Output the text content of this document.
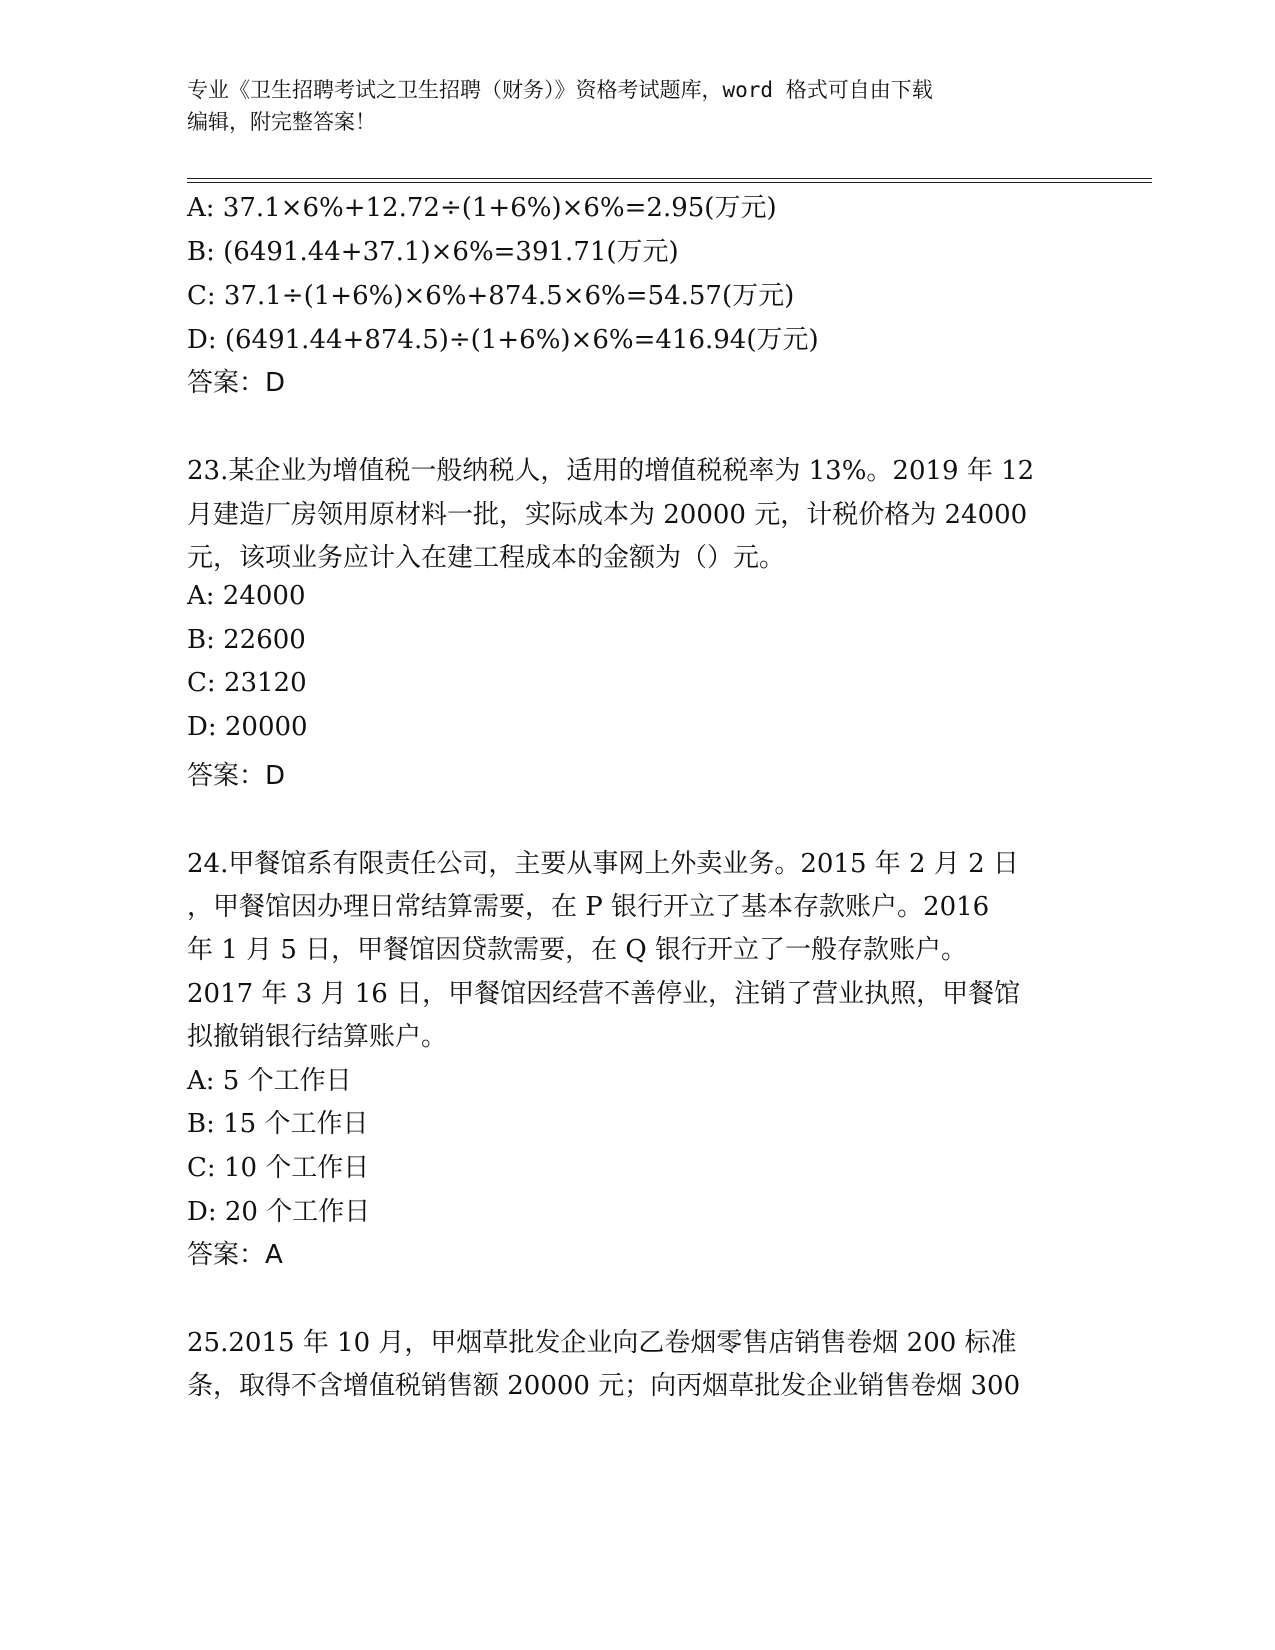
专业《卫生招聘考试之卫生招聘（财务）》资格考试题库，word 格式可自由下载
编辑，附完整答案！
A: 37.1×6%+12.72÷(1+6%)×6%=2.95(万元)
B: (6491.44+37.1)×6%=391.71(万元)
C: 37.1÷(1+6%)×6%+874.5×6%=54.57(万元)
D: (6491.44+874.5)÷(1+6%)×6%=416.94(万元)
答案：D
23.某企业为增值税一般纳税人，适用的增值税税率为 13%。2019 年 12
月建造厂房领用原材料一批，实际成本为 20000 元，计税价格为 24000
元，该项业务应计入在建工程成本的金额为（）元。
A: 24000
B: 22600
C: 23120
D: 20000
答案：D
24.甲餐馆系有限责任公司，主要从事网上外卖业务。2015 年 2 月 2 日
，甲餐馆因办理日常结算需要，在 P 银行开立了基本存款账户。2016
年 1 月 5 日，甲餐馆因贷款需要，在 Q 银行开立了一般存款账户。
2017 年 3 月 16 日，甲餐馆因经营不善停业，注销了营业执照，甲餐馆
拟撤销银行结算账户。
A: 5 个工作日
B: 15 个工作日
C: 10 个工作日
D: 20 个工作日
答案：A
25.2015 年 10 月，甲烟草批发企业向乙卷烟零售店销售卷烟 200 标准
条，取得不含增值税销售额 20000 元；向丙烟草批发企业销售卷烟 300
